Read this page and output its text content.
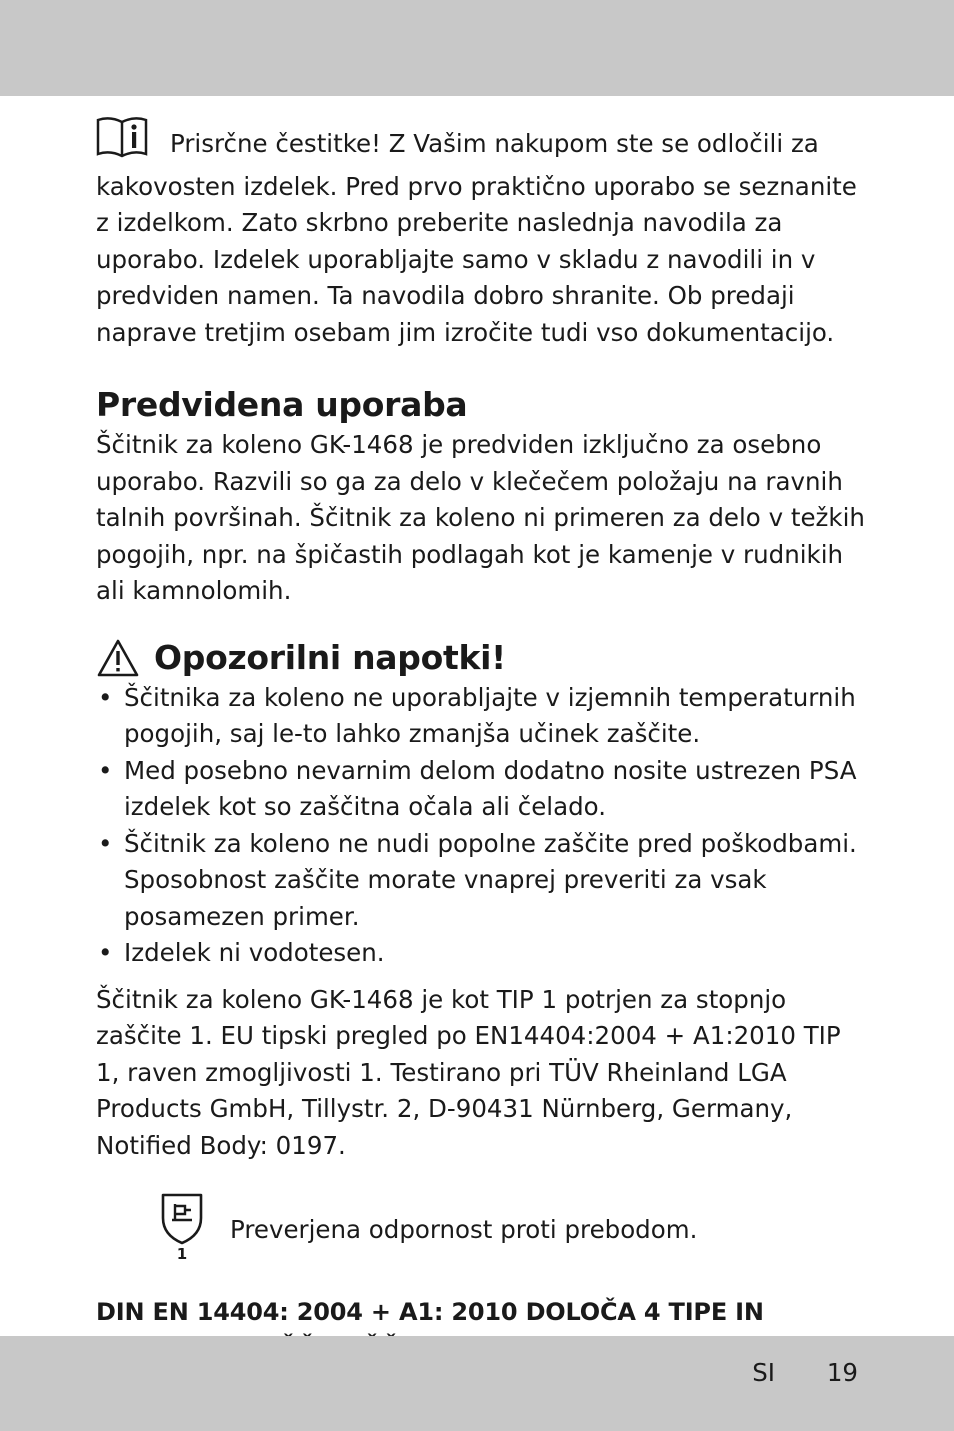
Prisrčne čestitke! Z Vašim nakupom ste se odločili za kakovosten izdelek. Pred prvo praktično uporabo se seznanite z izdelkom. Zato skrbno preberite naslednja navodila za uporabo. Izdelek uporabljajte samo v skladu z navodili in v predviden namen. Ta navodila dobro shranite. Ob predaji naprave tretjim osebam jim izročite tudi vso dokumentacijo.

Predvidena uporaba

Ščitnik za koleno GK-1468 je predviden izključno za osebno uporabo. Razvili so ga za delo v klečečem položaju na ravnih talnih površinah. Ščitnik za koleno ni primeren za delo v težkih pogojih, npr. na špičastih podlagah kot je kamenje v rudnikih ali kamnolomih.

Opozorilni napotki!
• Ščitnika za koleno ne uporabljajte v izjemnih temperaturnih pogojih, saj le-to lahko zmanjša učinek zaščite.
• Med posebno nevarnim delom dodatno nosite ustrezen PSA izdelek kot so zaščitna očala ali čelado.
• Ščitnik za koleno ne nudi popolne zaščite pred poškodbami. Sposobnost zaščite morate vnaprej preveriti za vsak posamezen primer.
• Izdelek ni vodotesen.

Ščitnik za koleno GK-1468 je kot TIP 1 potrjen za stopnjo zaščite 1. EU tipski pregled po EN14404:2004 + A1:2010 TIP 1, raven zmogljivosti 1. Testirano pri TÜV Rheinland LGA Products GmbH, Tillystr. 2, D-90431 Nürnberg, Germany, Notified Body: 0197.

1

Preverjena odpornost proti prebodom.

DIN EN 14404: 2004 + A1: 2010 DOLOČA 4 TIPE IN
SI 19
